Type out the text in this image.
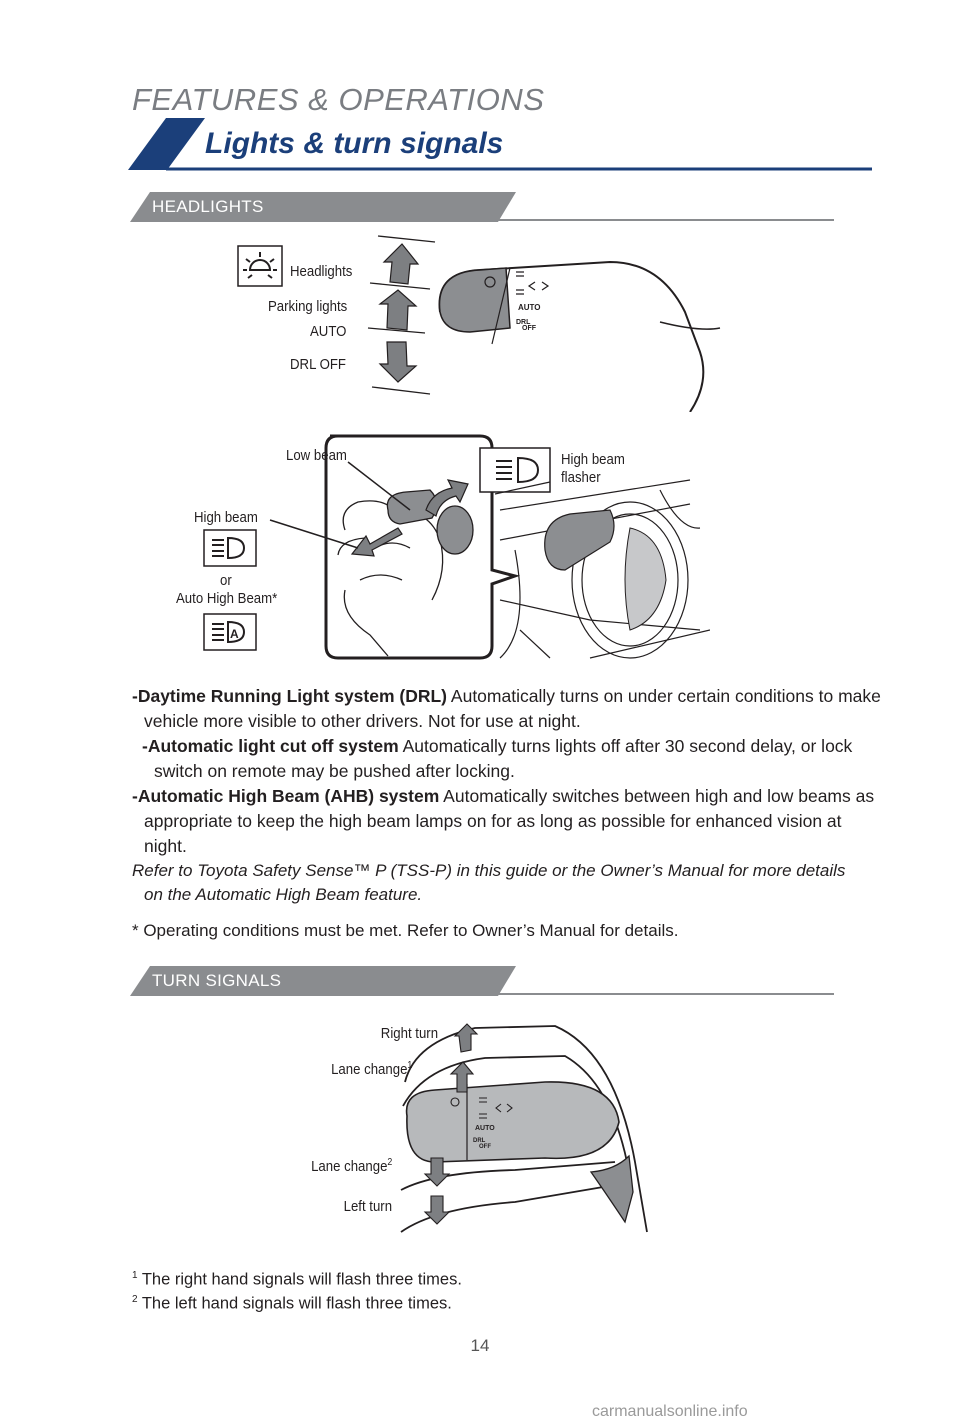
FEATURES & OPERATIONS
Lights & turn signals
HEADLIGHTS
AUTO
DRL
OFF
Headlights
Parking lights
AUTO
DRL OFF
A
Low beam
High beam
or
Auto High Beam*
High beam
flasher
-Daytime Running Light system (DRL) Automatically turns on under certain conditions to make vehicle more visible to other drivers. Not for use at night.
-Automatic light cut off system Automatically turns lights off after 30 second delay, or lock switch on remote may be pushed after locking.
-Automatic High Beam (AHB) system Automatically switches between high and low beams as appropriate to keep the high beam lamps on for as long as possible for enhanced vision at night.
Refer to Toyota Safety Sense™ P (TSS-P) in this guide or the Owner’s Manual for more details on the Automatic High Beam feature.
* Operating conditions must be met. Refer to Owner’s Manual for details.
TURN SIGNALS
AUTO
DRL
OFF
Right turn
Lane change$^1$
Lane change$^2$
Left turn
$^1$ The right hand signals will flash three times.
$^2$ The left hand signals will flash three times.
14
carmanualsonline.info
